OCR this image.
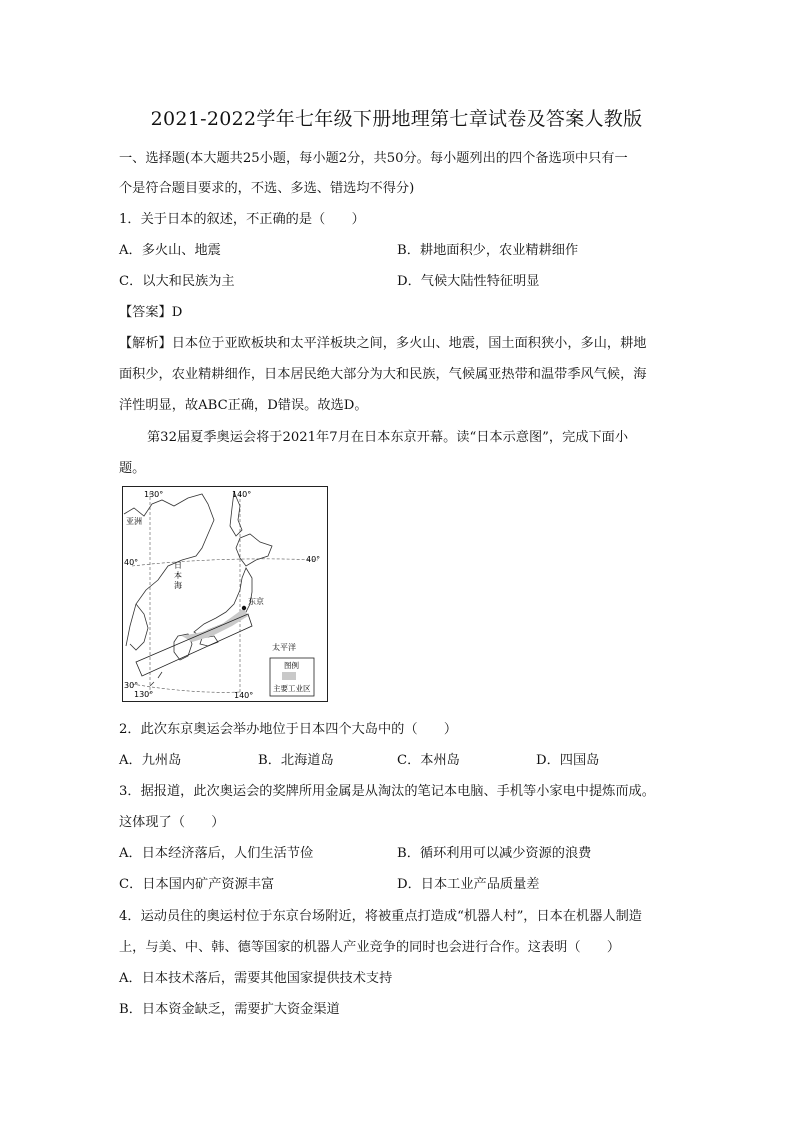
2021-2022学年七年级下册地理第七章试卷及答案人教版
一、选择题(本大题共25小题，每小题2分，共50分。每小题列出的四个备选项中只有一
个是符合题目要求的，不选、多选、错选均不得分)
1．关于日本的叙述，不正确的是（　　）
A．多火山、地震	B．耕地面积少，农业精耕细作
C．以大和民族为主	D．气候大陆性特征明显
【答案】D
【解析】日本位于亚欧板块和太平洋板块之间，多火山、地震，国土面积狭小，多山，耕地
面积少，农业精耕细作，日本居民绝大部分为大和民族，气候属亚热带和温带季风气候，海
洋性明显，故ABC正确，D错误。故选D。
第32届夏季奥运会将于2021年7月在日本东京开幕。读“日本示意图”，完成下面小
题。
130°	140°
亚洲
40°	40°
日
本
海
东京
太平洋
30°
130°	140°
图例
主要工业区
2．此次东京奥运会举办地位于日本四个大岛中的（　　）
A．九州岛	B．北海道岛	C．本州岛	D．四国岛
3．据报道，此次奥运会的奖牌所用金属是从淘汰的笔记本电脑、手机等小家电中提炼而成。
这体现了（　　）
A．日本经济落后，人们生活节俭	B．循环利用可以减少资源的浪费
C．日本国内矿产资源丰富	D．日本工业产品质量差
4．运动员住的奥运村位于东京台场附近，将被重点打造成“机器人村”，日本在机器人制造
上，与美、中、韩、德等国家的机器人产业竞争的同时也会进行合作。这表明（　　）
A．日本技术落后，需要其他国家提供技术支持
B．日本资金缺乏，需要扩大资金渠道
